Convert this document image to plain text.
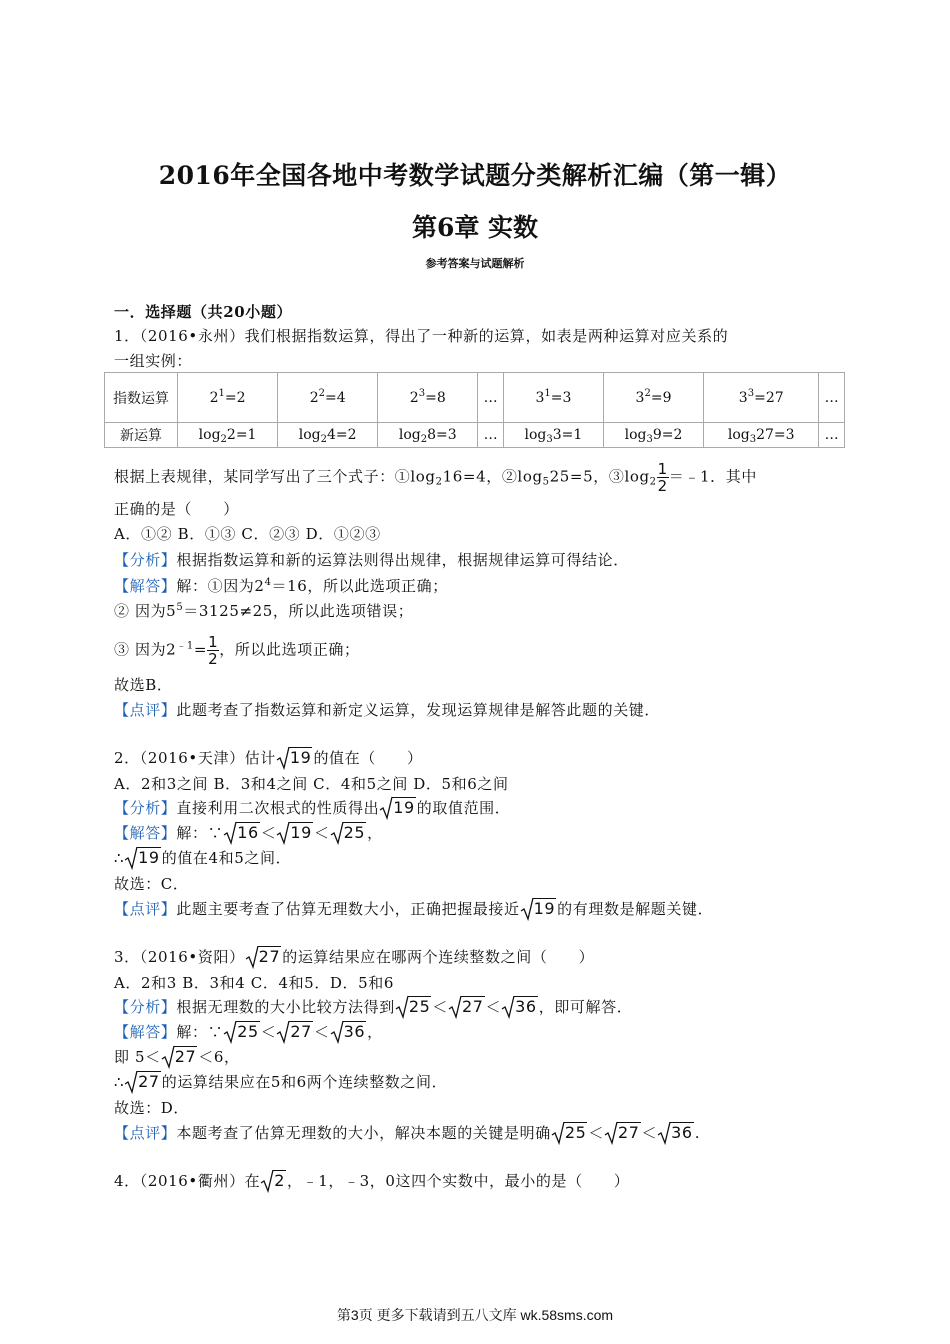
2016年全国各地中考数学试题分类解析汇编（第一辑）
第6章 实数
参考答案与试题解析
一．选择题（共20小题）
1．（2016•永州）我们根据指数运算，得出了一种新的运算，如表是两种运算对应关系的
一组实例：
指数运算	$2^1=2$	$2^2=4$	$2^3=8$	…	$3^1=3$	$3^2=9$	$3^3=27$	…
新运算	$\log_22=1$	$\log_24=2$	$\log_28=3$	…	$\log_33=1$	$\log_39=2$	$\log_327=3$	…
根据上表规律，某同学写出了三个式子：$①\log_216=4$，$②\log_525=5$，$③\log_2 \frac{1}{2}$ ＝﹣1．其中
正确的是（　　）
A．①② B．①③ C．②③ D．①②③
【分析】根据指数运算和新的运算法则得出规律，根据规律运算可得结论．
【解答】解：①因为$2^4=16$，所以此选项正确；
② 因为$5^5=3125\ne 25$，所以此选项错误；
③ 因为$2^{﹣1}= \frac{1}{2}$ ，所以此选项正确；
故选B．
【点评】此题考查了指数运算和新定义运算，发现运算规律是解答此题的关键．
2．（2016•天津）估计 19 的值在（　　）
A．2和3之间 B．3和4之间 C．4和5之间 D．5和6之间
【分析】直接利用二次根式的性质得出 19 的取值范围．
【解答】解：∵ 16 ＜ 19 ＜ 25 ，
∴ 19 的值在4和5之间．
故选：C．
【点评】此题主要考查了估算无理数大小，正确把握最接近 19 的有理数是解题关键．
3．（2016•资阳） 27 的运算结果应在哪两个连续整数之间（　　）
A．2和3 B．3和4 C．4和5．D．5和6
【分析】根据无理数的大小比较方法得到 25 ＜ 27 ＜ 36 ，即可解答．
【解答】解：∵ 25 ＜ 27 ＜ 36 ，
即 5＜ 27 ＜6，
∴ 27 的运算结果应在5和6两个连续整数之间．
故选：D．
【点评】本题考查了估算无理数的大小，解决本题的关键是明确 25 ＜ 27 ＜ 36 .
4．（2016•衢州）在 2 ，﹣1，﹣3，0这四个实数中，最小的是（　　）
第3页 更多下载请到五八文库 wk.58sms.com
